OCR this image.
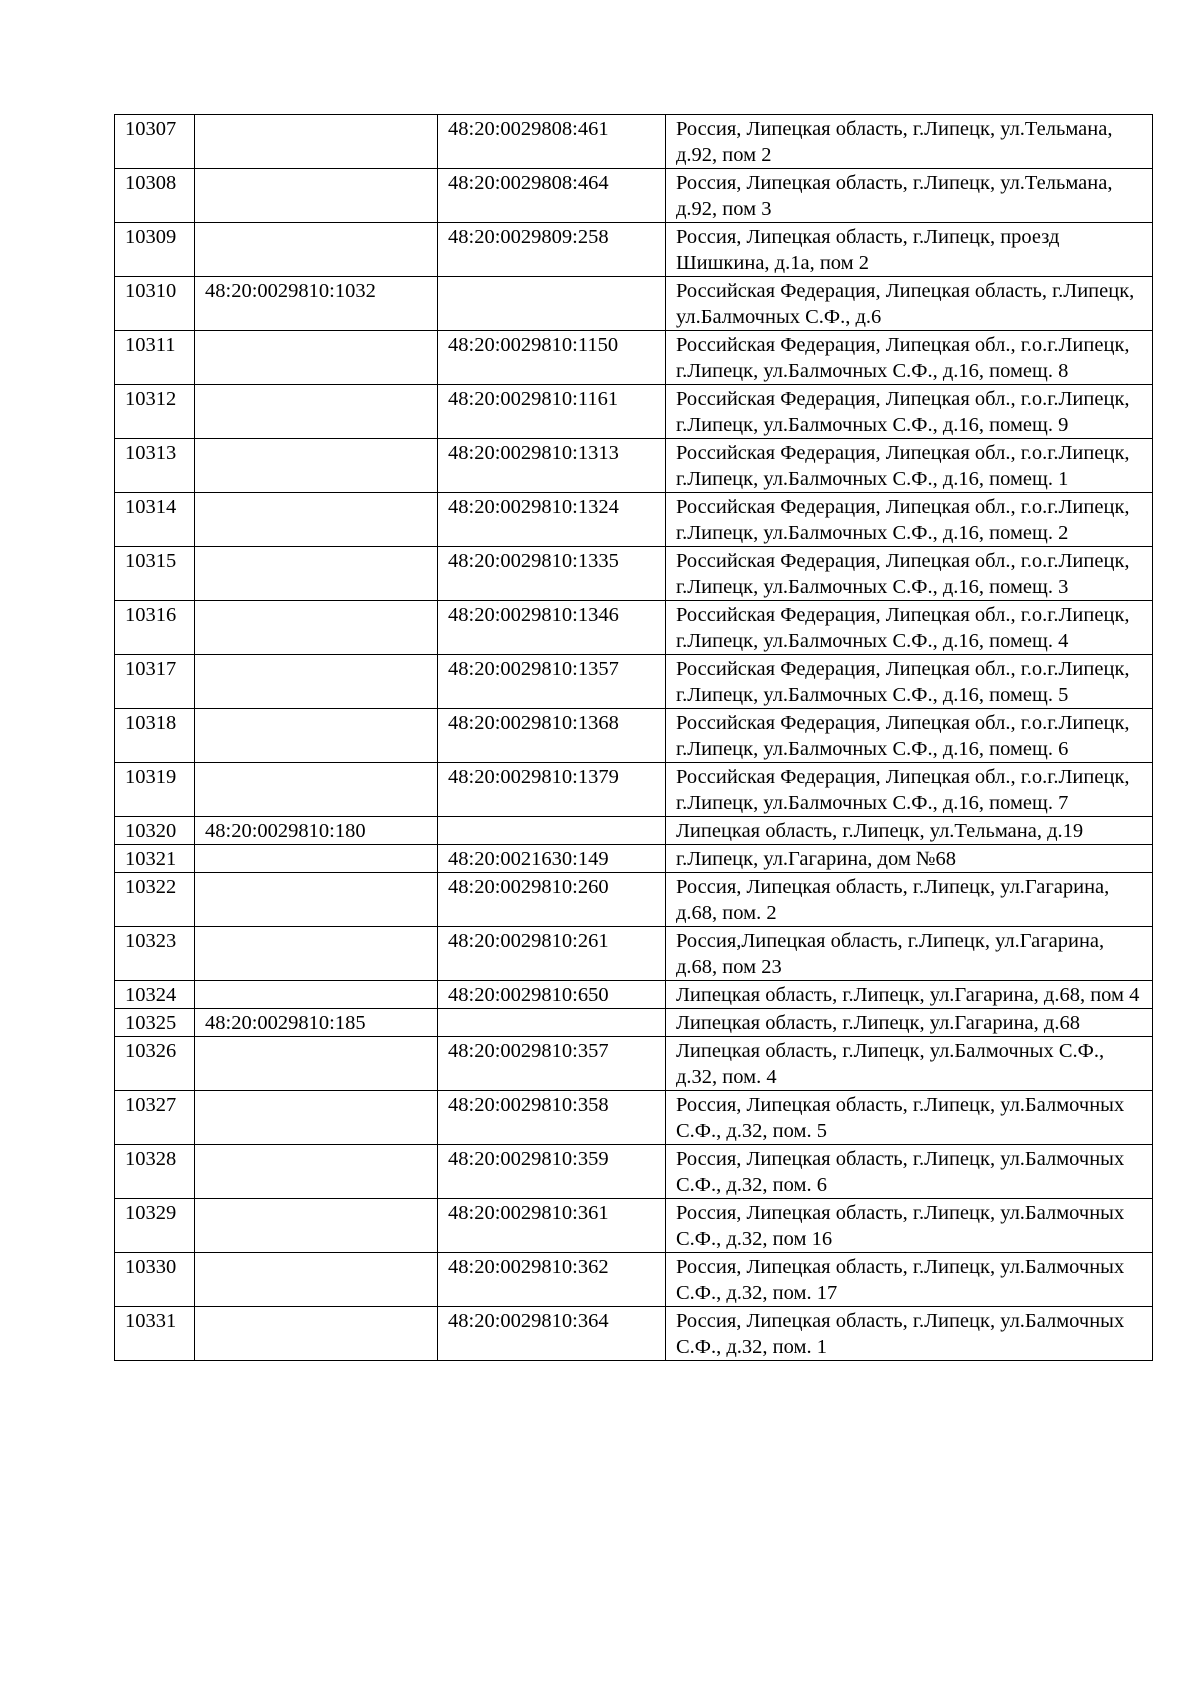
10307		48:20:0029808:461	Россия, Липецкая область, г.Липецк, ул.Тельмана, д.92, пом 2
10308		48:20:0029808:464	Россия, Липецкая область, г.Липецк, ул.Тельмана, д.92, пом 3
10309		48:20:0029809:258	Россия, Липецкая область, г.Липецк, проезд Шишкина, д.1а, пом 2
10310	48:20:0029810:1032		Российская Федерация, Липецкая область, г.Липецк, ул.Балмочных С.Ф., д.6
10311		48:20:0029810:1150	Российская Федерация, Липецкая обл., г.о.г.Липецк, г.Липецк, ул.Балмочных С.Ф., д.16, помещ. 8
10312		48:20:0029810:1161	Российская Федерация, Липецкая обл., г.о.г.Липецк, г.Липецк, ул.Балмочных С.Ф., д.16, помещ. 9
10313		48:20:0029810:1313	Российская Федерация, Липецкая обл., г.о.г.Липецк, г.Липецк, ул.Балмочных С.Ф., д.16, помещ. 1
10314		48:20:0029810:1324	Российская Федерация, Липецкая обл., г.о.г.Липецк, г.Липецк, ул.Балмочных С.Ф., д.16, помещ. 2
10315		48:20:0029810:1335	Российская Федерация, Липецкая обл., г.о.г.Липецк, г.Липецк, ул.Балмочных С.Ф., д.16, помещ. 3
10316		48:20:0029810:1346	Российская Федерация, Липецкая обл., г.о.г.Липецк, г.Липецк, ул.Балмочных С.Ф., д.16, помещ. 4
10317		48:20:0029810:1357	Российская Федерация, Липецкая обл., г.о.г.Липецк, г.Липецк, ул.Балмочных С.Ф., д.16, помещ. 5
10318		48:20:0029810:1368	Российская Федерация, Липецкая обл., г.о.г.Липецк, г.Липецк, ул.Балмочных С.Ф., д.16, помещ. 6
10319		48:20:0029810:1379	Российская Федерация, Липецкая обл., г.о.г.Липецк, г.Липецк, ул.Балмочных С.Ф., д.16, помещ. 7
10320	48:20:0029810:180		Липецкая область, г.Липецк, ул.Тельмана, д.19
10321		48:20:0021630:149	г.Липецк, ул.Гагарина, дом №68
10322		48:20:0029810:260	Россия, Липецкая область, г.Липецк, ул.Гагарина, д.68, пом. 2
10323		48:20:0029810:261	Россия,Липецкая область, г.Липецк, ул.Гагарина, д.68, пом 23
10324		48:20:0029810:650	Липецкая область, г.Липецк, ул.Гагарина, д.68, пом 4
10325	48:20:0029810:185		Липецкая область, г.Липецк, ул.Гагарина, д.68
10326		48:20:0029810:357	Липецкая область, г.Липецк, ул.Балмочных С.Ф., д.32, пом. 4
10327		48:20:0029810:358	Россия, Липецкая область, г.Липецк, ул.Балмочных С.Ф., д.32, пом. 5
10328		48:20:0029810:359	Россия, Липецкая область, г.Липецк, ул.Балмочных С.Ф., д.32, пом. 6
10329		48:20:0029810:361	Россия, Липецкая область, г.Липецк, ул.Балмочных С.Ф., д.32, пом 16
10330		48:20:0029810:362	Россия, Липецкая область, г.Липецк, ул.Балмочных С.Ф., д.32, пом. 17
10331		48:20:0029810:364	Россия, Липецкая область, г.Липецк, ул.Балмочных С.Ф., д.32, пом. 1
